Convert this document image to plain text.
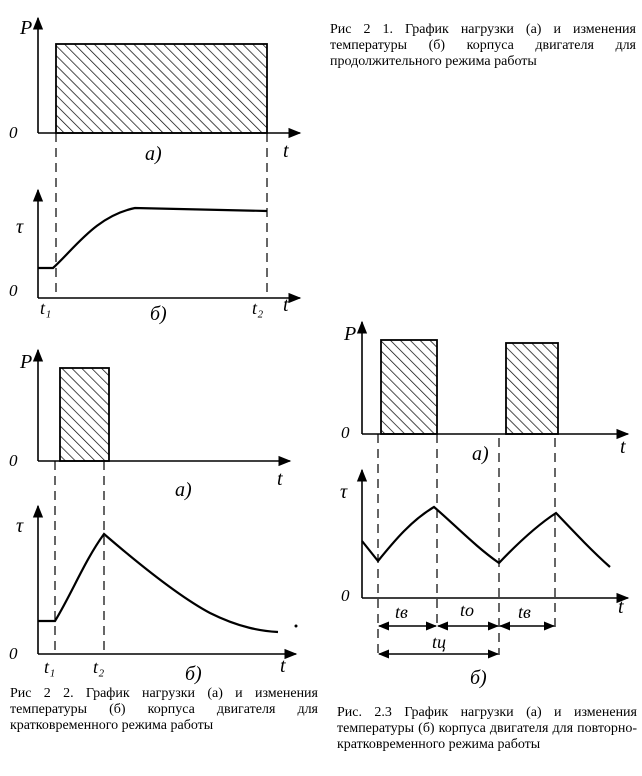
P
0
t
а)
τ
0
t
t₁	t₂
б)
P
0
t
а)
τ
0
t
t₁ t₂	б)
P
0
t
а)
τ
0
t
tв	tо tв
tц
б)

Рис 2 1. График нагрузки (а) и изменения температуры (б) корпуса двигателя для продолжительного режима работы

Рис 2 2. График нагрузки (а) и изменения температуры (б) корпуса двигателя для кратковременного режима работы

Рис. 2.3 График нагрузки (а) и изменения температуры (б) корпуса двигателя для повторно-кратковременного режима работы
